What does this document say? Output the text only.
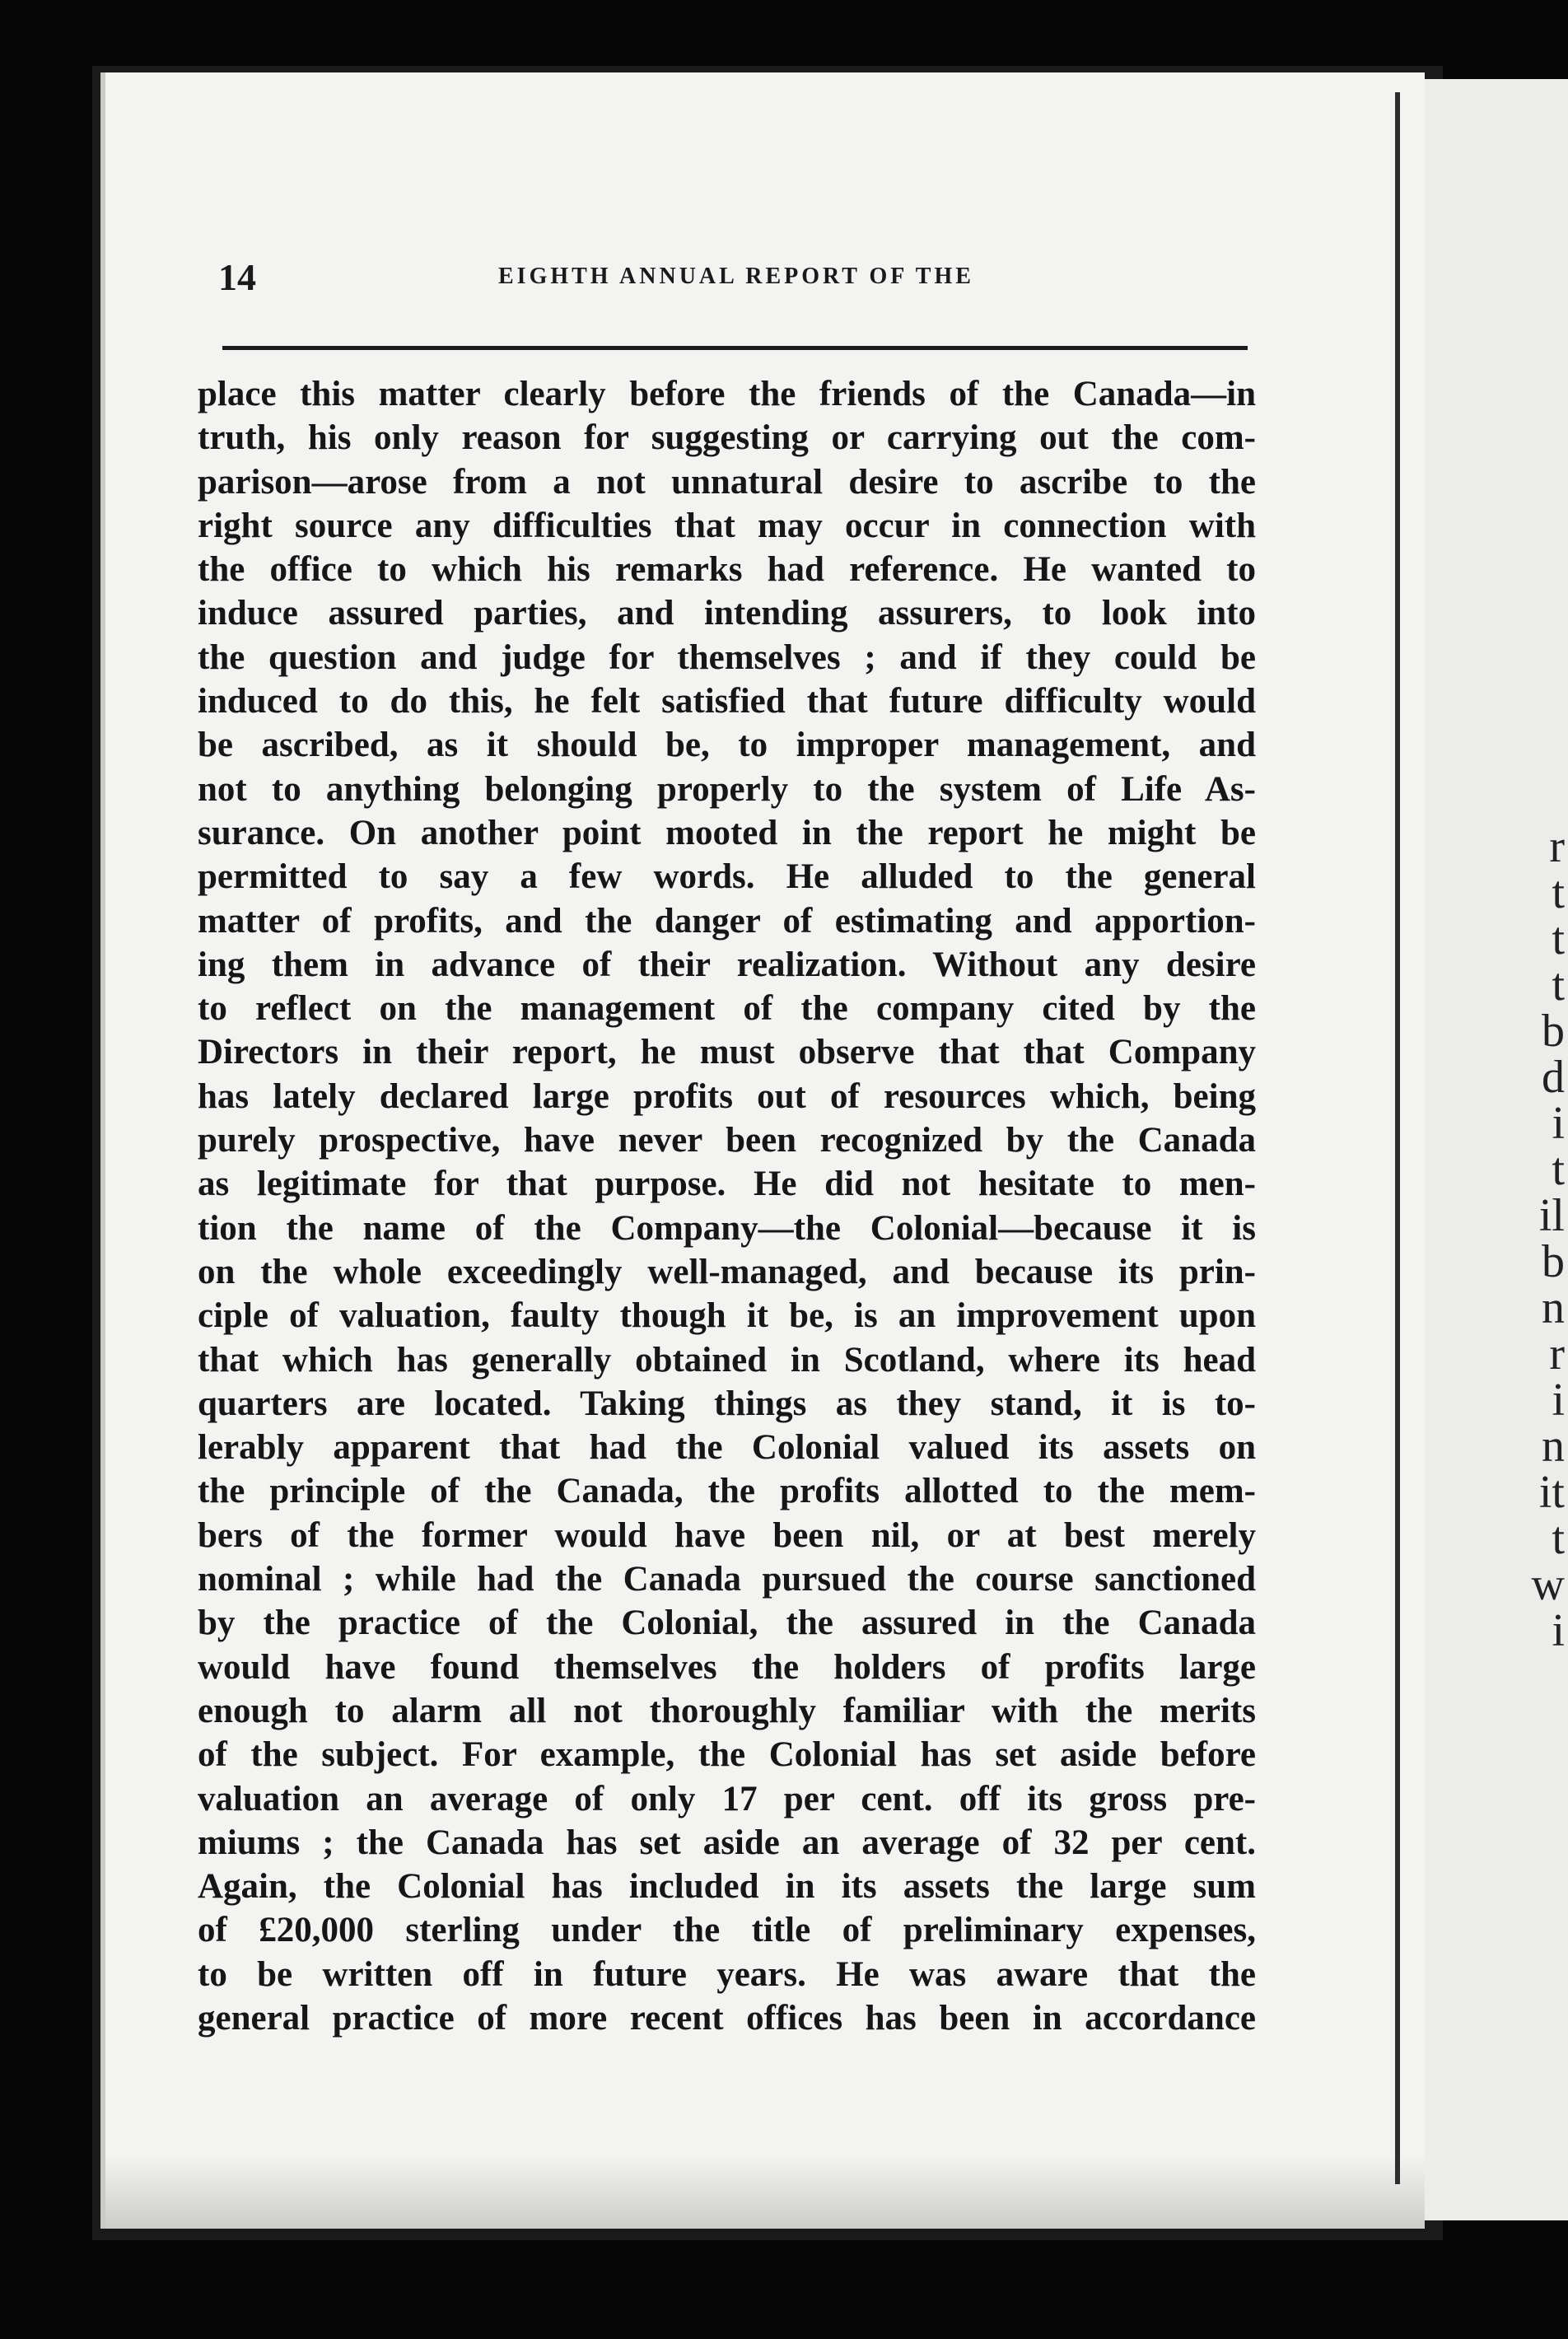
r
t
t
t
b
d
i
t
il
b
n
r
i
n
it
t
w
i
14	EIGHTH ANNUAL REPORT OF THE
place this matter clearly before the friends of the Canada—in
truth, his only reason for suggesting or carrying out the com-
parison—arose from a not unnatural desire to ascribe to the
right source any difficulties that may occur in connection with
the office to which his remarks had reference. He wanted to
induce assured parties, and intending assurers, to look into
the question and judge for themselves ; and if they could be
induced to do this, he felt satisfied that future difficulty would
be ascribed, as it should be, to improper management, and
not to anything belonging properly to the system of Life As-
surance. On another point mooted in the report he might be
permitted to say a few words. He alluded to the general
matter of profits, and the danger of estimating and apportion-
ing them in advance of their realization. Without any desire
to reflect on the management of the company cited by the
Directors in their report, he must observe that that Company
has lately declared large profits out of resources which, being
purely prospective, have never been recognized by the Canada
as legitimate for that purpose. He did not hesitate to men-
tion the name of the Company—the Colonial—because it is
on the whole exceedingly well-managed, and because its prin-
ciple of valuation, faulty though it be, is an improvement upon
that which has generally obtained in Scotland, where its head
quarters are located. Taking things as they stand, it is to-
lerably apparent that had the Colonial valued its assets on
the principle of the Canada, the profits allotted to the mem-
bers of the former would have been nil, or at best merely
nominal ; while had the Canada pursued the course sanctioned
by the practice of the Colonial, the assured in the Canada
would have found themselves the holders of profits large
enough to alarm all not thoroughly familiar with the merits
of the subject. For example, the Colonial has set aside before
valuation an average of only 17 per cent. off its gross pre-
miums ; the Canada has set aside an average of 32 per cent.
Again, the Colonial has included in its assets the large sum
of £20,000 sterling under the title of preliminary expenses,
to be written off in future years. He was aware that the
general practice of more recent offices has been in accordance
